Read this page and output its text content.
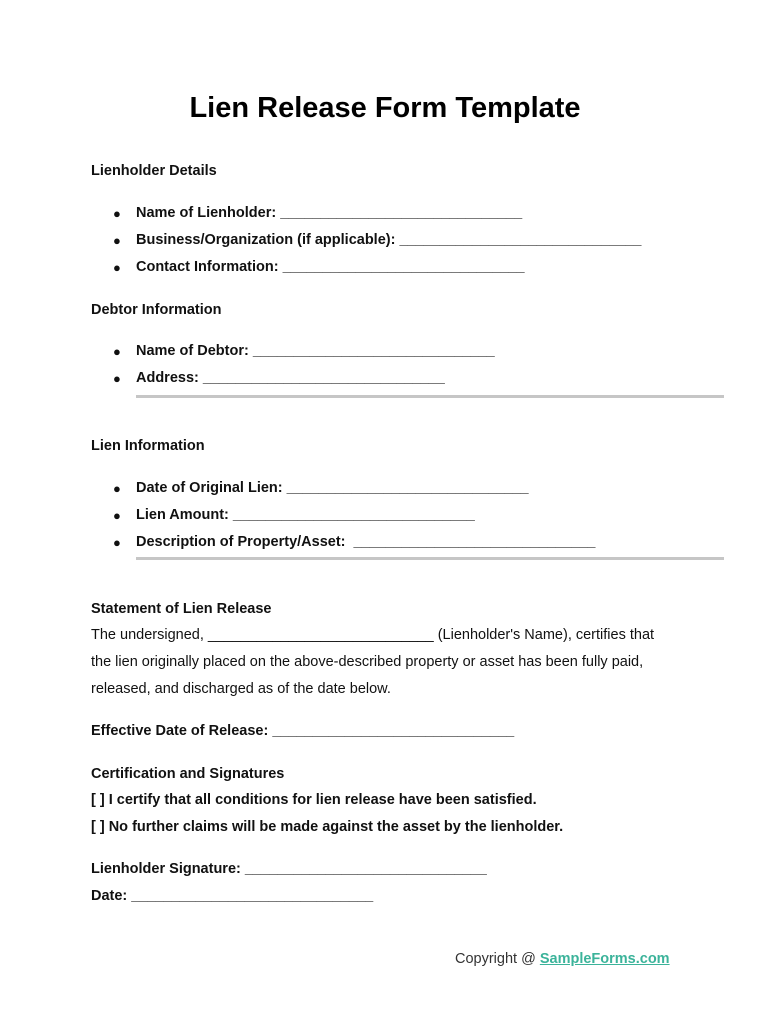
Lien Release Form Template
Lienholder Details
● Name of Lienholder: ______________________________
● Business/Organization (if applicable): ______________________________
● Contact Information: ______________________________
Debtor Information
● Name of Debtor: ______________________________
● Address: ______________________________
Lien Information
● Date of Original Lien: ______________________________
● Lien Amount: ______________________________
● Description of Property/Asset:  ______________________________
Statement of Lien Release
The undersigned, ____________________________ (Lienholder's Name), certifies that
the lien originally placed on the above-described property or asset has been fully paid,
released, and discharged as of the date below.
Effective Date of Release: ______________________________
Certification and Signatures
[ ] I certify that all conditions for lien release have been satisfied.
[ ] No further claims will be made against the asset by the lienholder.
Lienholder Signature: ______________________________
Date: ______________________________
Copyright @ SampleForms.com
